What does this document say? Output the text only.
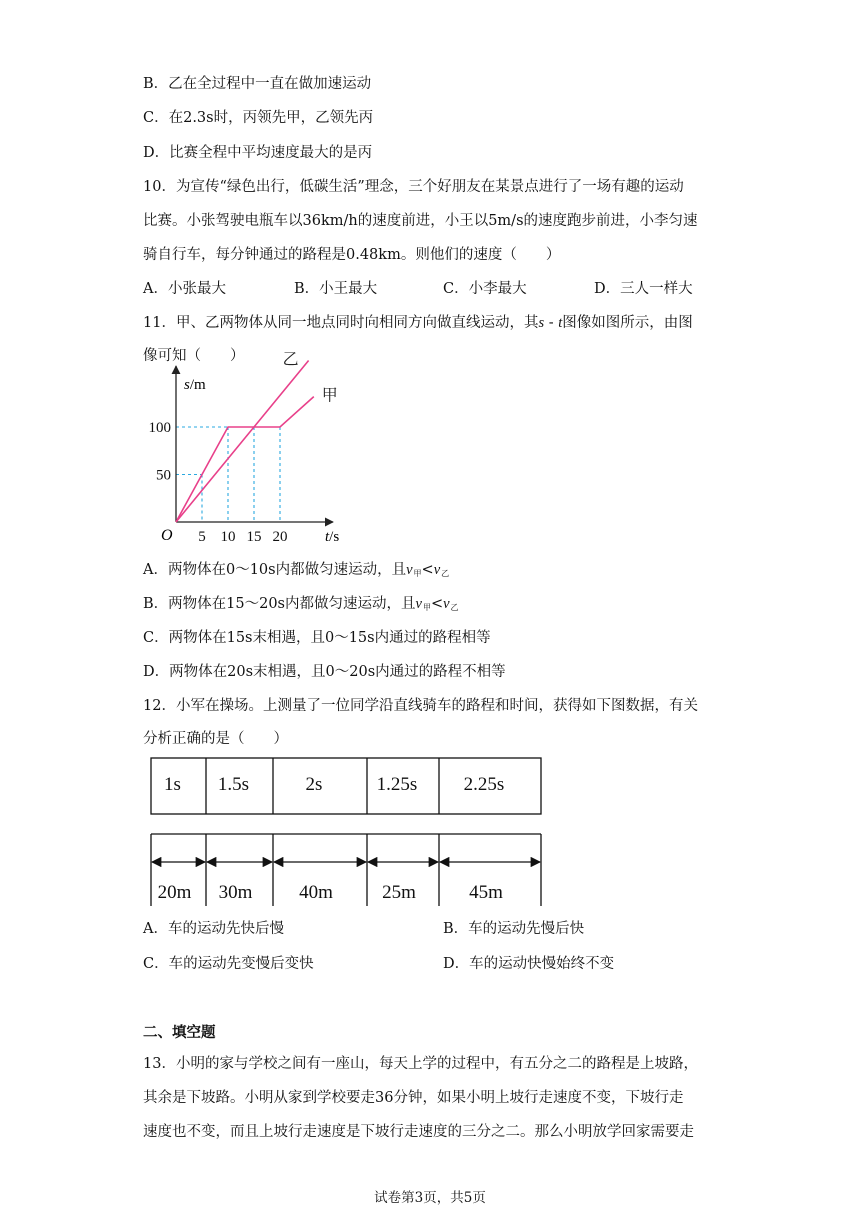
B．乙在全过程中一直在做加速运动
C．在2.3s时，丙领先甲，乙领先丙
D．比赛全程中平均速度最大的是丙
10．为宣传“绿色出行，低碳生活”理念，三个好朋友在某景点进行了一场有趣的运动
比赛。小张驾驶电瓶车以36km/h的速度前进，小王以5m/s的速度跑步前进，小李匀速
骑自行车，每分钟通过的路程是0.48km。则他们的速度（　　）
A．小张最大	B．小王最大	C．小李最大	D．三人一样大
11．甲、乙两物体从同一地点同时向相同方向做直线运动，其s - t图像如图所示，由图
像可知（　　） 乙
甲
5 10 15 20
50
100
s/m
t/s
O
A．两物体在0～10s内都做匀速运动，且$v_甲<v_乙$
B．两物体在15～20s内都做匀速运动，且$v_甲<v_乙$
C．两物体在15s末相遇，且0～15s内通过的路程相等
D．两物体在20s末相遇，且0～20s内通过的路程不相等
12．小军在操场。上测量了一位同学沿直线骑车的路程和时间，获得如下图数据，有关
分析正确的是（　　）
1s 1.5s	2s	1.25s 2.25s
20m 30m 40m	25m	45m
A．车的运动先快后慢	B．车的运动先慢后快
C．车的运动先变慢后变快	D．车的运动快慢始终不变
二、填空题
13．小明的家与学校之间有一座山，每天上学的过程中，有五分之二的路程是上坡路，
其余是下坡路。小明从家到学校要走36分钟，如果小明上坡行走速度不变，下坡行走
速度也不变，而且上坡行走速度是下坡行走速度的三分之二。那么小明放学回家需要走
试卷第3页，共5页
